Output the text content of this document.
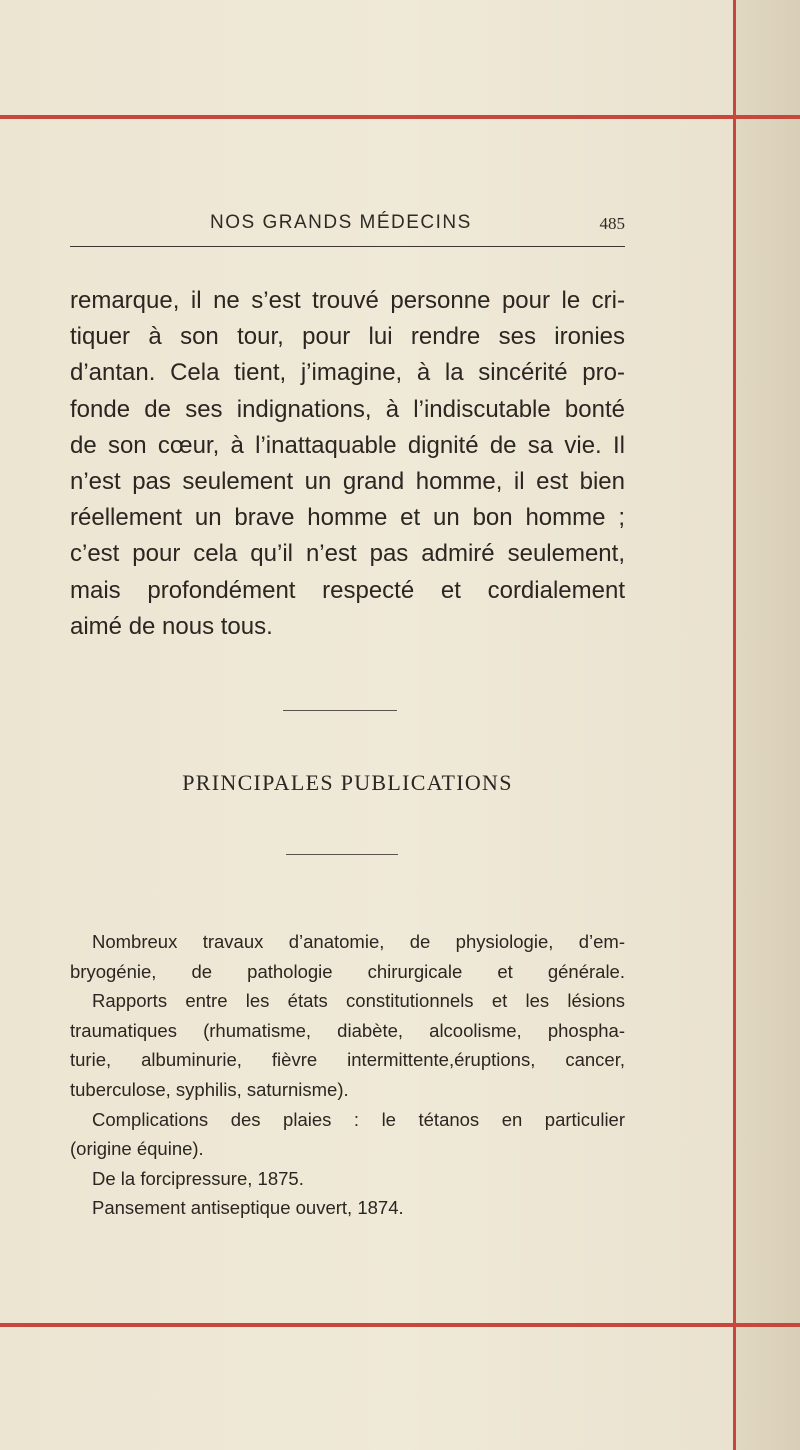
NOS GRANDS MÉDECINS	485
remarque, il ne s’est trouvé personne pour le cri-
tiquer à son tour, pour lui rendre ses ironies
d’antan. Cela tient, j’imagine, à la sincérité pro-
fonde de ses indignations, à l’indiscutable bonté
de son cœur, à l’inattaquable dignité de sa vie. Il
n’est pas seulement un grand homme, il est bien
réellement un brave homme et un bon homme ;
c’est pour cela qu’il n’est pas admiré seulement,
mais profondément respecté et cordialement
aimé de nous tous.
PRINCIPALES PUBLICATIONS
Nombreux travaux d’anatomie, de physiologie, d’em-
bryogénie, de pathologie chirurgicale et générale.
Rapports entre les états constitutionnels et les lésions
traumatiques (rhumatisme, diabète, alcoolisme, phospha-
turie, albuminurie, fièvre intermittente,éruptions, cancer,
tuberculose, syphilis, saturnisme).
Complications des plaies : le tétanos en particulier
(origine équine).
De la forcipressure, 1875.
Pansement antiseptique ouvert, 1874.
